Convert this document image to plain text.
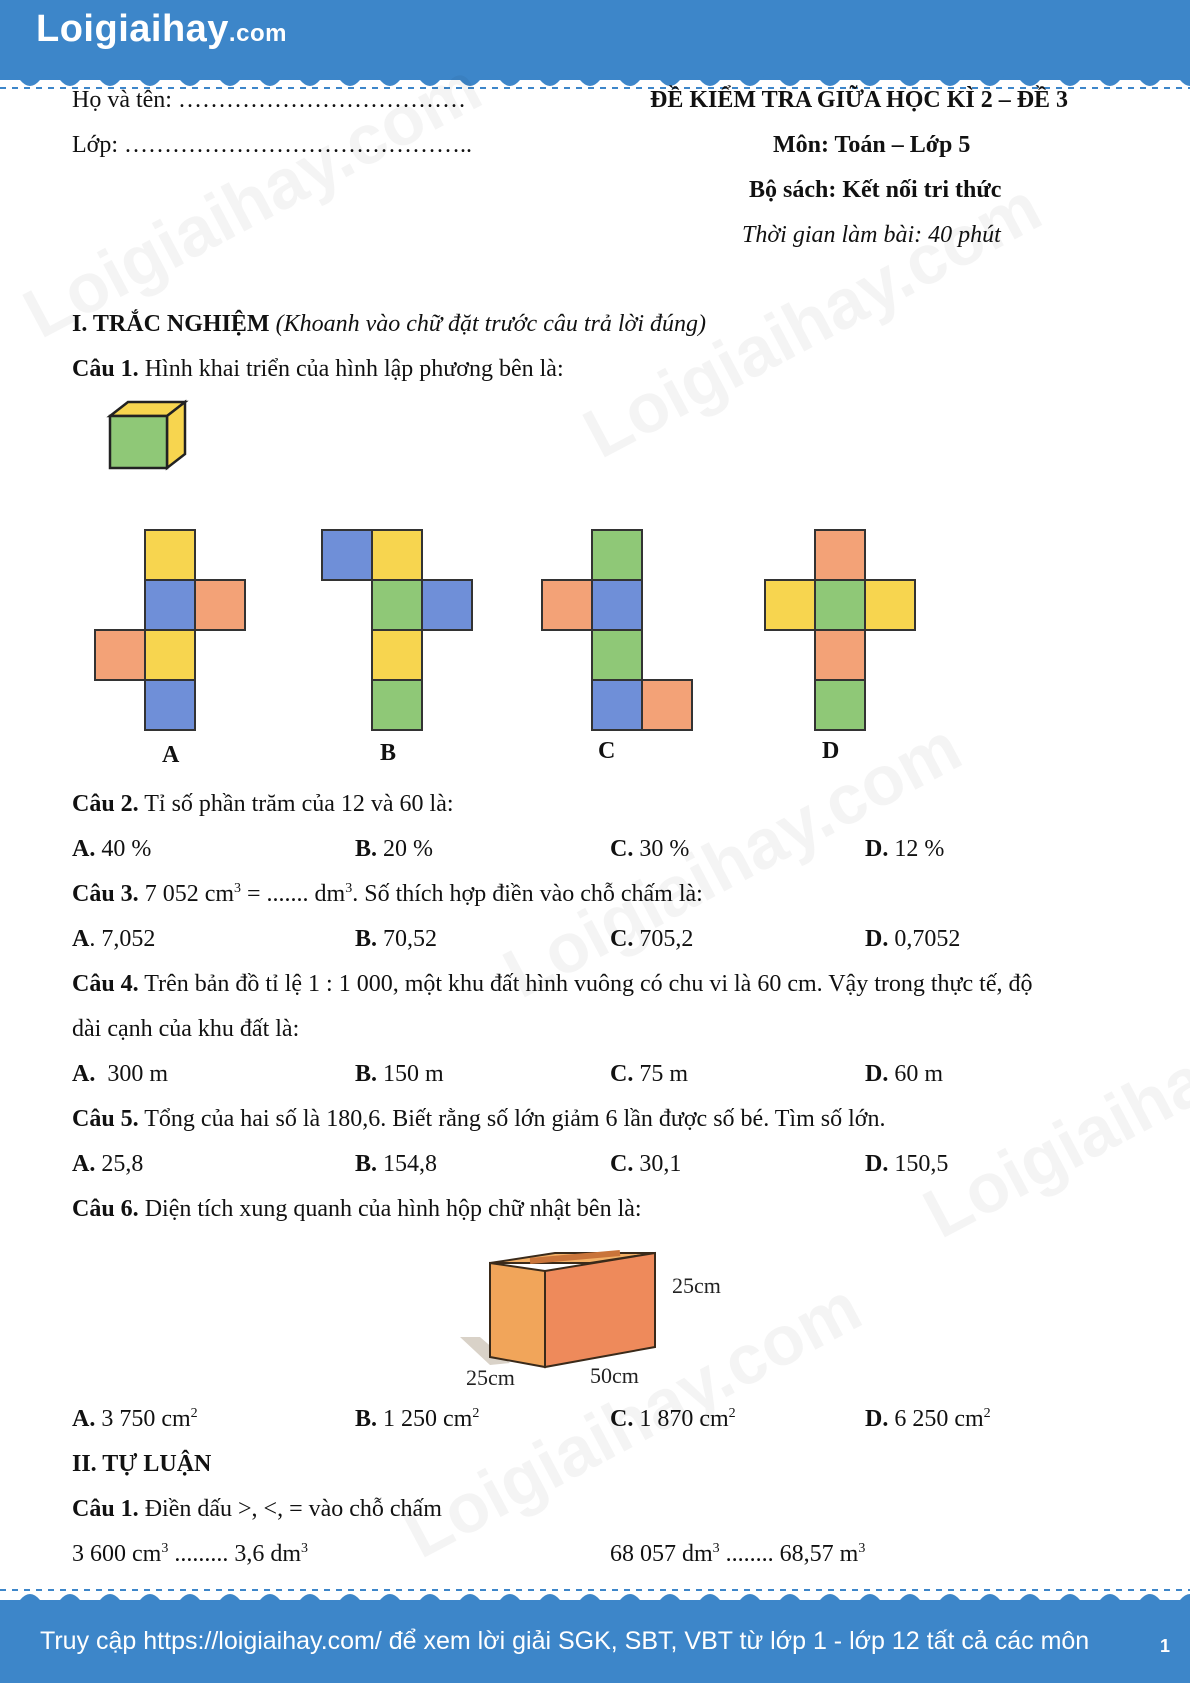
Loigiaihay.com
Họ và tên: ………………………………
Lớp: ……………………………………..
ĐỀ KIỂM TRA GIỮA HỌC KÌ 2 – ĐỀ 3
Môn: Toán – Lớp 5
Bộ sách: Kết nối tri thức
Thời gian làm bài: 40 phút
I. TRẮC NGHIỆM (Khoanh vào chữ đặt trước câu trả lời đúng)
Câu 1. Hình khai triển của hình lập phương bên là:
A	B	C	D
Câu 2. Tỉ số phần trăm của 12 và 60 là:
A. 40 %	B. 20 %	C. 30 %	D. 12 %
Câu 3. 7 052 $cm^3$ = ....... $dm^3$. Số thích hợp điền vào chỗ chấm là:
A. 7,052	B. 70,52	C. 705,2	D. 0,7052
Câu 4. Trên bản đồ tỉ lệ 1 : 1 000, một khu đất hình vuông có chu vi là 60 cm. Vậy trong thực tế, độ
dài cạnh của khu đất là:
A. 300 m	B. 150 m	C. 75 m	D. 60 m
Câu 5. Tổng của hai số là 180,6. Biết rằng số lớn giảm 6 lần được số bé. Tìm số lớn.
A. 25,8	B. 154,8	C. 30,1	D. 150,5
Câu 6. Diện tích xung quanh của hình hộp chữ nhật bên là:
25cm
25cm	50cm
A. 3 750 $cm^2$	B. 1 250 $cm^2$	C. 1 870 $cm^2$	D. 6 250 $cm^2$
II. TỰ LUẬN
Câu 1. Điền dấu >, <, = vào chỗ chấm
3 600 $cm^3$ ......... 3,6 $dm^3$	68 057 $dm^3$ ........ 68,57 $m^3$
Truy cập https://loigiaihay.com/ để xem lời giải SGK, SBT, VBT từ lớp 1 - lớp 12 tất cả các môn	1
